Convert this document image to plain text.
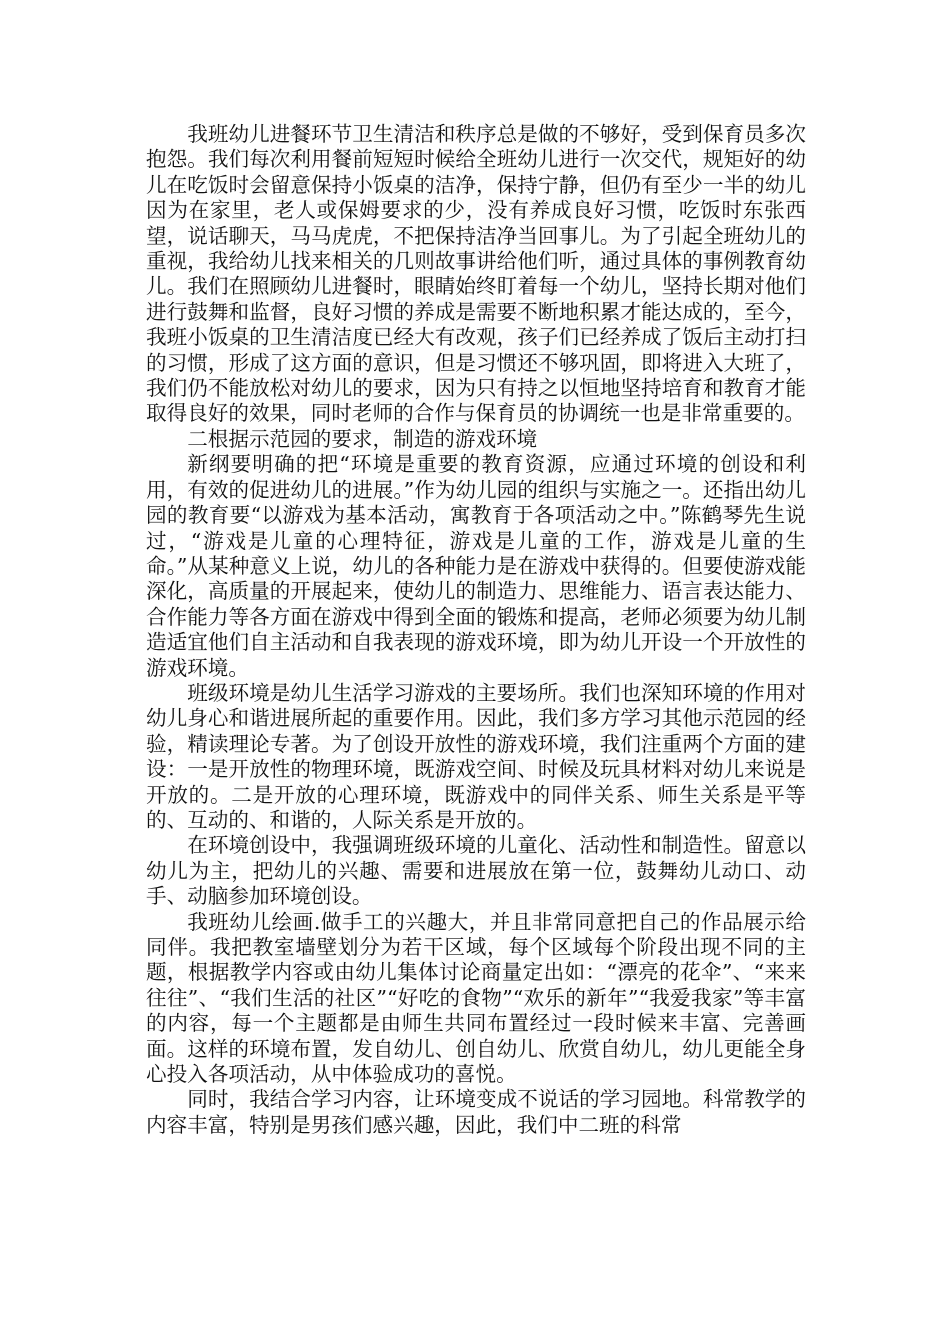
我班幼儿进餐环节卫生清洁和秩序总是做的不够好，受到保育员多次抱怨。我们每次利用餐前短短时候给全班幼儿进行一次交代，规矩好的幼儿在吃饭时会留意保持小饭桌的洁净，保持宁静，但仍有至少一半的幼儿因为在家里，老人或保姆要求的少，没有养成良好习惯，吃饭时东张西望，说话聊天，马马虎虎，不把保持洁净当回事儿。为了引起全班幼儿的重视，我给幼儿找来相关的几则故事讲给他们听，通过具体的事例教育幼儿。我们在照顾幼儿进餐时，眼睛始终盯着每一个幼儿，坚持长期对他们进行鼓舞和监督，良好习惯的养成是需要不断地积累才能达成的，至今，我班小饭桌的卫生清洁度已经大有改观，孩子们已经养成了饭后主动打扫的习惯，形成了这方面的意识，但是习惯还不够巩固，即将进入大班了，我们仍不能放松对幼儿的要求，因为只有持之以恒地坚持培育和教育才能取得良好的效果，同时老师的合作与保育员的协调统一也是非常重要的。

二根据示范园的要求，制造的游戏环境

新纲要明确的把“环境是重要的教育资源，应通过环境的创设和利用，有效的促进幼儿的进展。”作为幼儿园的组织与实施之一。还指出幼儿园的教育要“以游戏为基本活动，寓教育于各项活动之中。”陈鹤琴先生说过，“游戏是儿童的心理特征，游戏是儿童的工作，游戏是儿童的生命。”从某种意义上说，幼儿的各种能力是在游戏中获得的。但要使游戏能深化，高质量的开展起来，使幼儿的制造力、思维能力、语言表达能力、合作能力等各方面在游戏中得到全面的锻炼和提高，老师必须要为幼儿制造适宜他们自主活动和自我表现的游戏环境，即为幼儿开设一个开放性的游戏环境。

班级环境是幼儿生活学习游戏的主要场所。我们也深知环境的作用对幼儿身心和谐进展所起的重要作用。因此，我们多方学习其他示范园的经验，精读理论专著。为了创设开放性的游戏环境，我们注重两个方面的建设：一是开放性的物理环境，既游戏空间、时候及玩具材料对幼儿来说是开放的。二是开放的心理环境，既游戏中的同伴关系、师生关系是平等的、互动的、和谐的，人际关系是开放的。

在环境创设中，我强调班级环境的儿童化、活动性和制造性。留意以幼儿为主，把幼儿的兴趣、需要和进展放在第一位，鼓舞幼儿动口、动手、动脑参加环境创设。

我班幼儿绘画.做手工的兴趣大，并且非常同意把自己的作品展示给同伴。我把教室墙壁划分为若干区域，每个区域每个阶段出现不同的主题，根据教学内容或由幼儿集体讨论商量定出如：“漂亮的花伞”、“来来往往”、“我们生活的社区”“好吃的食物”“欢乐的新年”“我爱我家”等丰富的内容，每一个主题都是由师生共同布置经过一段时候来丰富、完善画面。这样的环境布置，发自幼儿、创自幼儿、欣赏自幼儿，幼儿更能全身心投入各项活动，从中体验成功的喜悦。

同时，我结合学习内容，让环境变成不说话的学习园地。科常教学的内容丰富，特别是男孩们感兴趣，因此，我们中二班的科常
